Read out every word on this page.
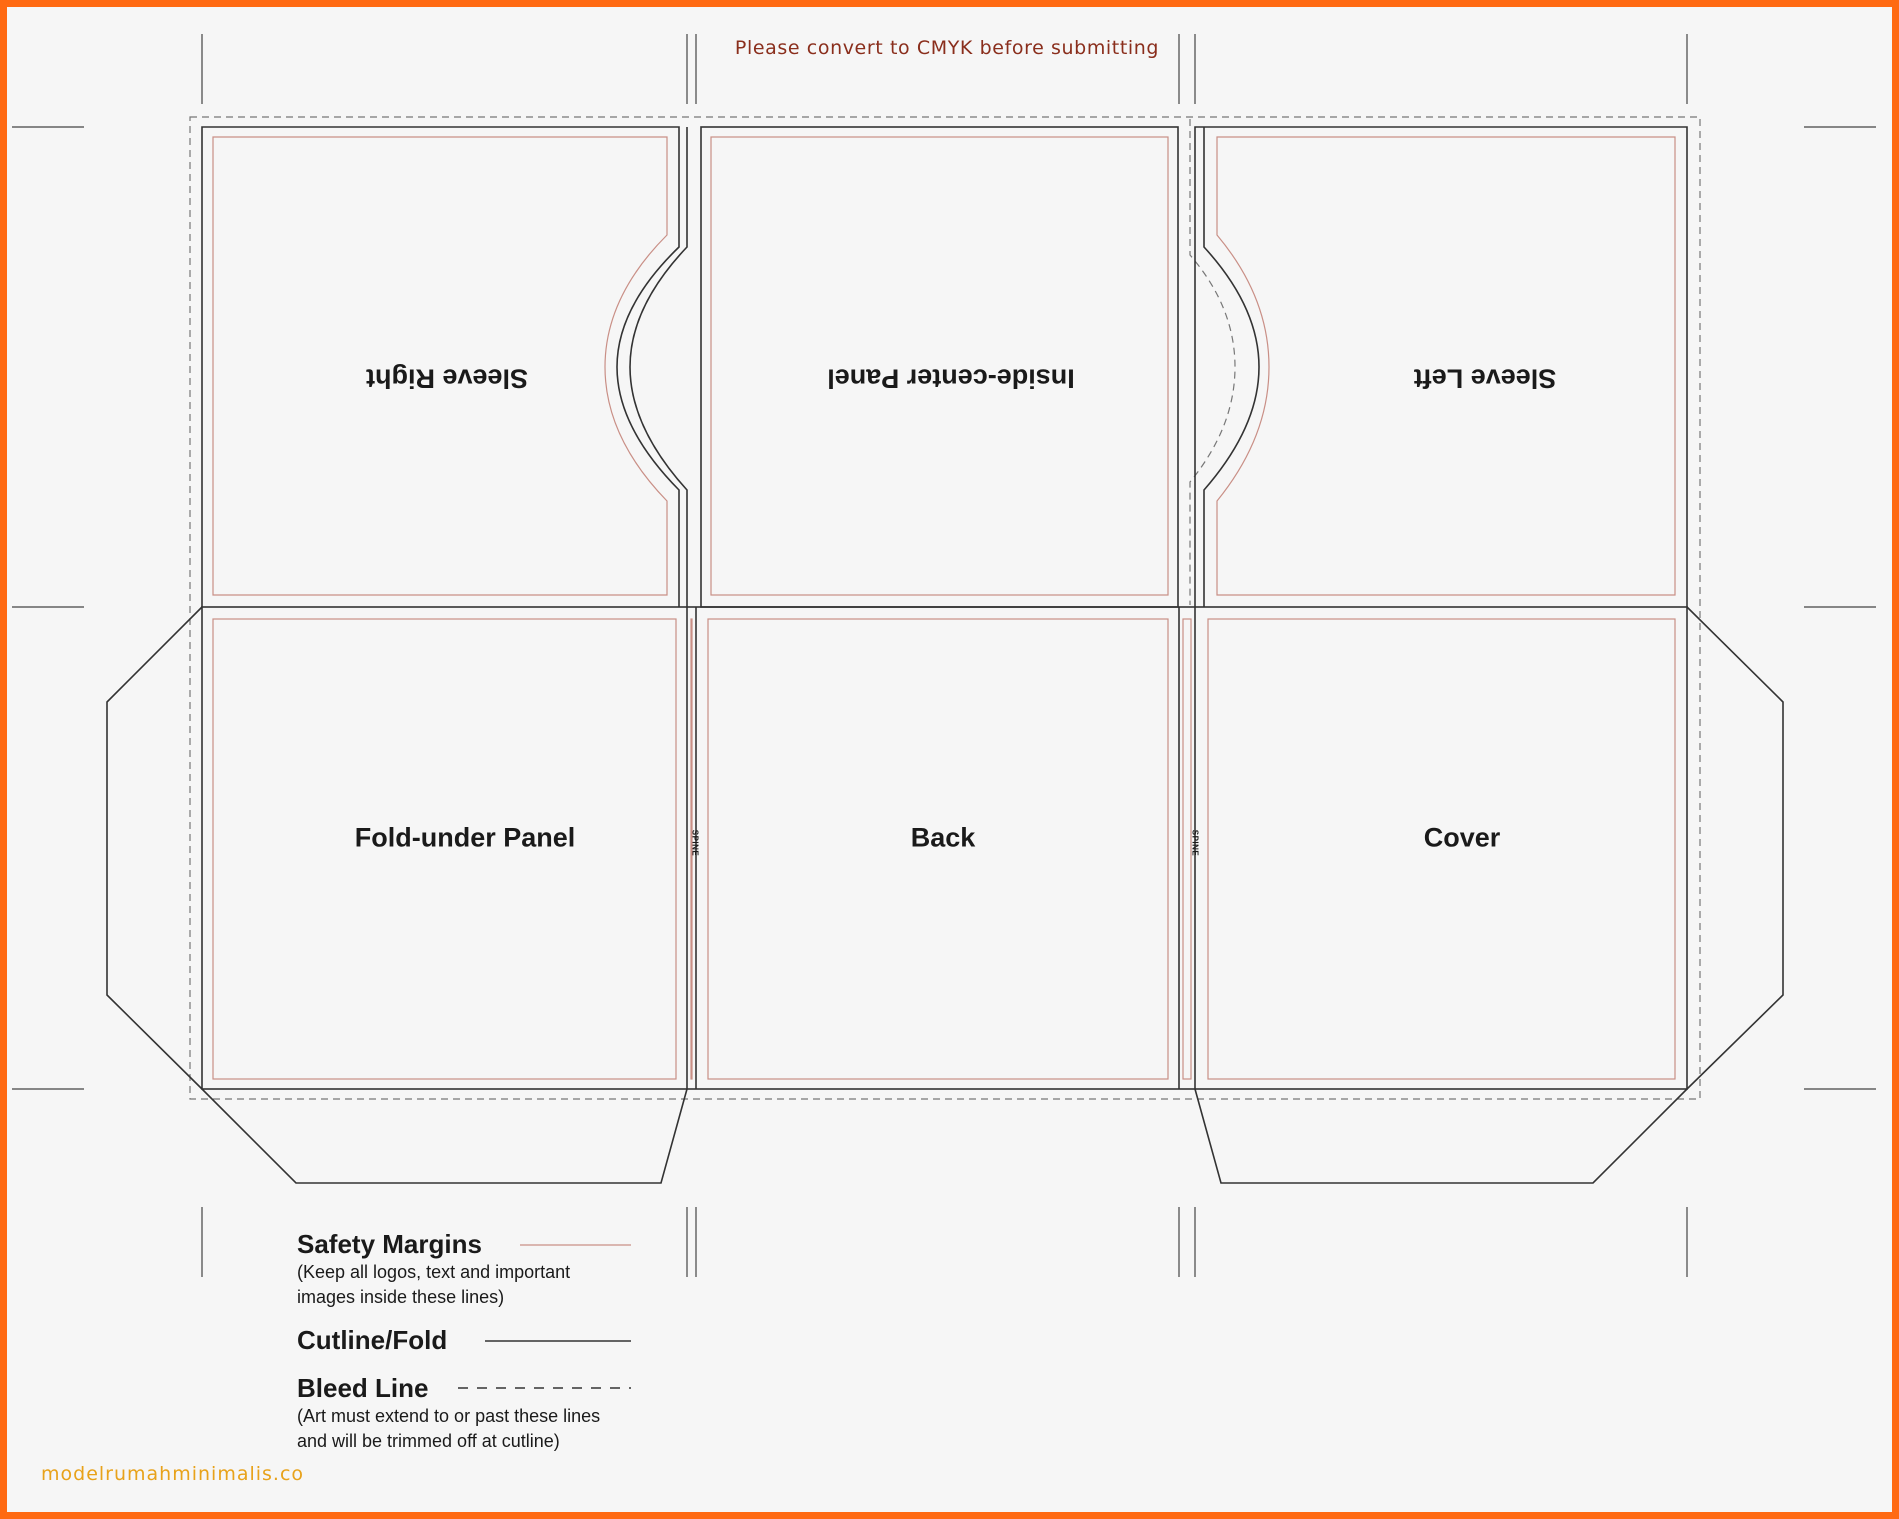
Please convert to CMYK before submitting
Sleeve Right	Inside-center Panel	Sleeve Left
Fold-under Panel	Back	Cover
SPINE	SPINE
Safety Margins
(Keep all logos, text and important
images inside these lines)
Cutline/Fold
Bleed Line
(Art must extend to or past these lines
and will be trimmed off at cutline)
modelrumahminimalis.co
